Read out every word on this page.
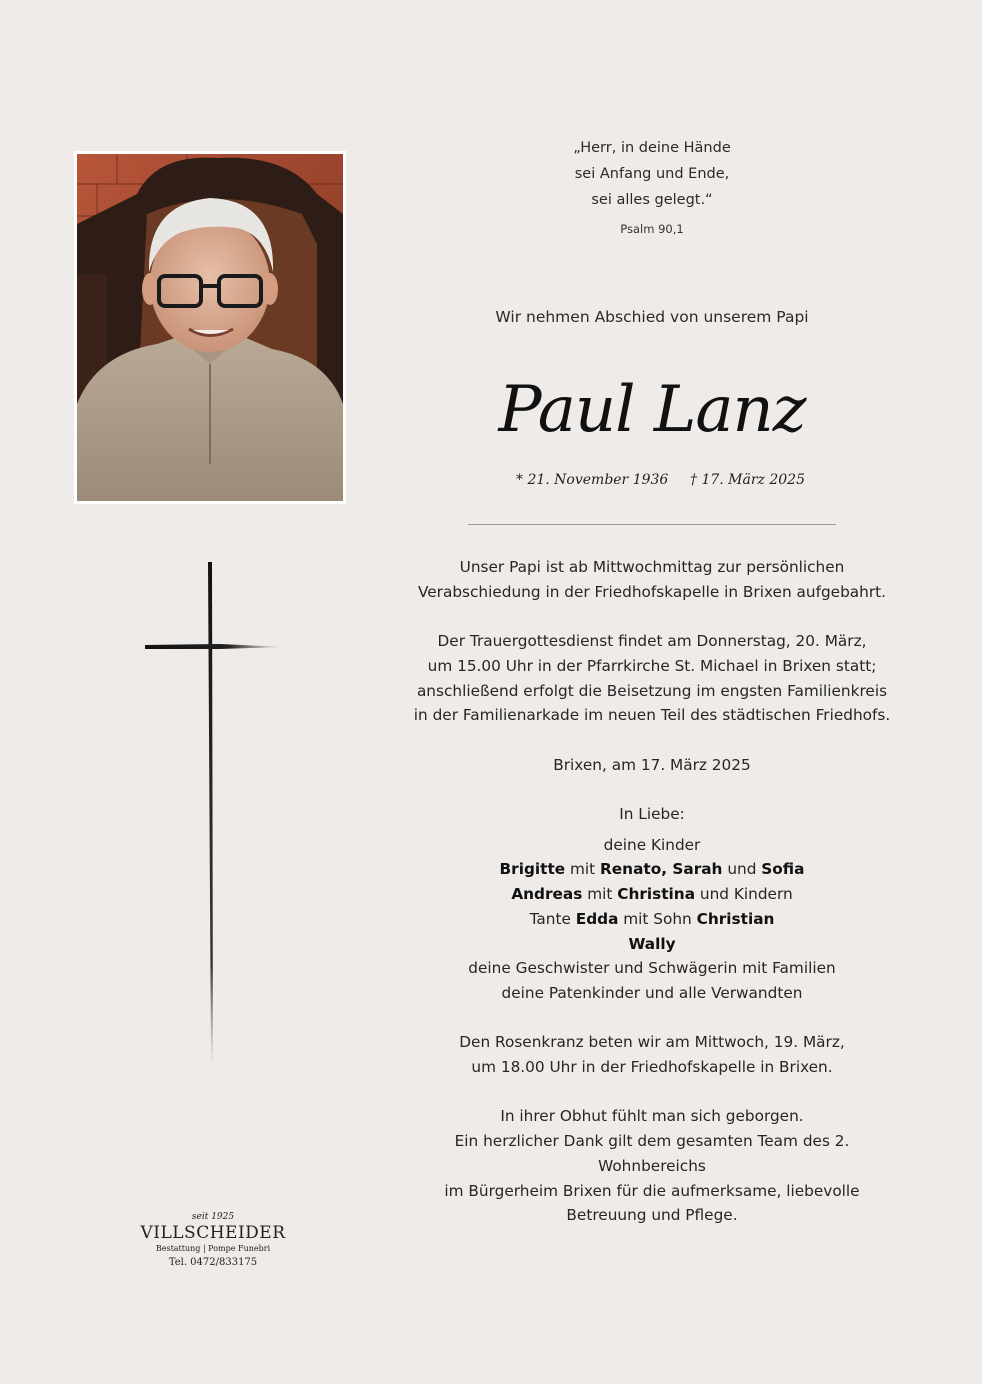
„Herr, in deine Hände
sei Anfang und Ende,
sei alles gelegt.“
Psalm 90,1
Wir nehmen Abschied von unserem Papi
Paul Lanz
* 21. November 1936 † 17. März 2025

Unser Papi ist ab Mittwochmittag zur persönlichen

Verabschiedung in der Friedhofskapelle in Brixen aufgebahrt.

Der Trauergottesdienst findet am Donnerstag, 20. März,

um 15.00 Uhr in der Pfarrkirche St. Michael in Brixen statt;

anschließend erfolgt die Beisetzung im engsten Familienkreis

in der Familienarkade im neuen Teil des städtischen Friedhofs.

Brixen, am 17. März 2025

In Liebe:

deine Kinder

Brigitte mit Renato, Sarah und Sofia

Andreas mit Christina und Kindern

Tante Edda mit Sohn Christian

Wally

deine Geschwister und Schwägerin mit Familien

deine Patenkinder und alle Verwandten

Den Rosenkranz beten wir am Mittwoch, 19. März,

um 18.00 Uhr in der Friedhofskapelle in Brixen.

In ihrer Obhut fühlt man sich geborgen.

Ein herzlicher Dank gilt dem gesamten Team des 2. Wohnbereichs

im Bürgerheim Brixen für die aufmerksame, liebevolle

Betreuung und Pflege.

seit 1925
VILLSCHEIDER
Bestattung | Pompe Funebri
Tel. 0472/833175
